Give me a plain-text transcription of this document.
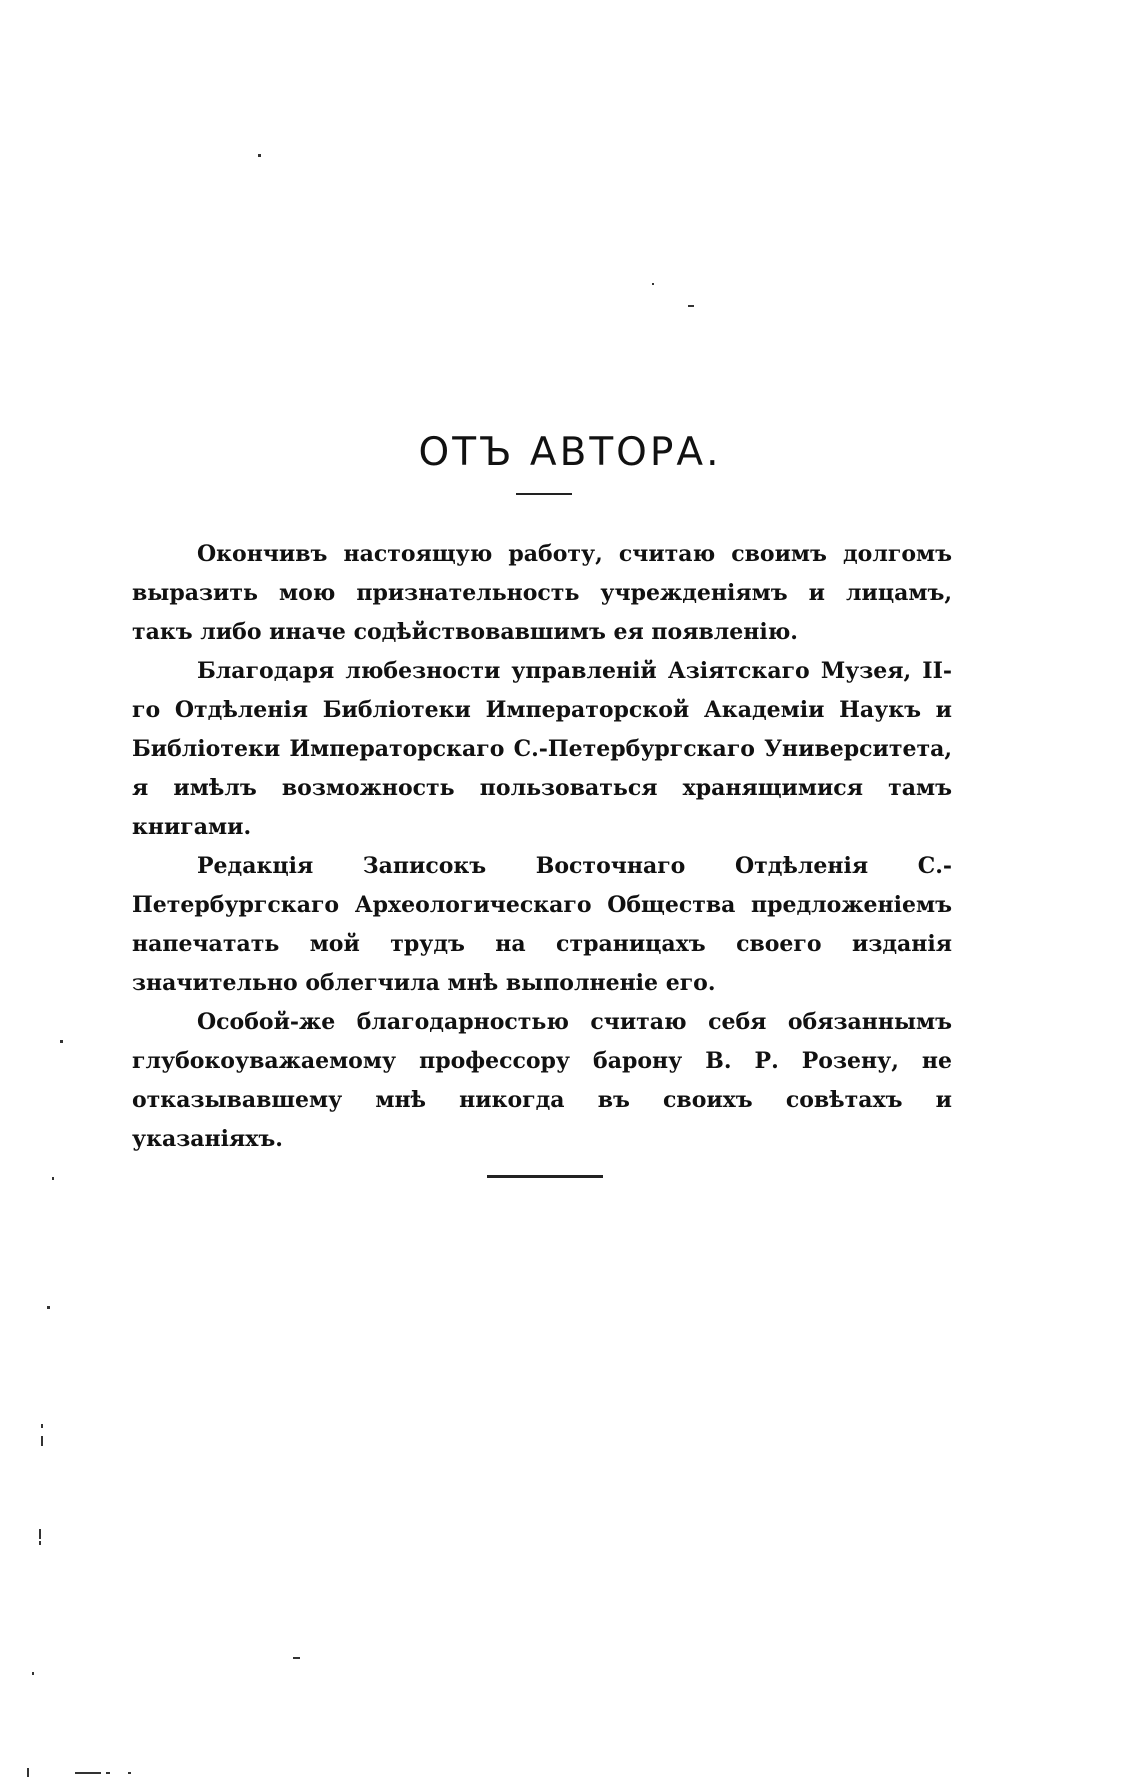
ОТЪ АВТОРА.

Окончивъ настоящую работу, считаю своимъ долгомъ выразить мою признательность учрежденіямъ и лицамъ, такъ либо иначе содѣйствовавшимъ ея появленію.

Благодаря любезности управленій Азіятскаго Музея, II-го Отдѣленія Библіотеки Императорской Академіи Наукъ и Библіотеки Императорскаго С.-Петербургскаго Университета, я имѣлъ возможность пользоваться хранящимися тамъ книгами.

Редакція Записокъ Восточнаго Отдѣленія С.-Петербургскаго Археологическаго Общества предложеніемъ напечатать мой трудъ на страницахъ своего изданія значительно облегчила мнѣ выполненіе его.

Особой-же благодарностью считаю себя обязаннымъ глубокоуважаемому профессору барону В. Р. Розену, не отказывавшему мнѣ никогда въ своихъ совѣтахъ и указаніяхъ.
